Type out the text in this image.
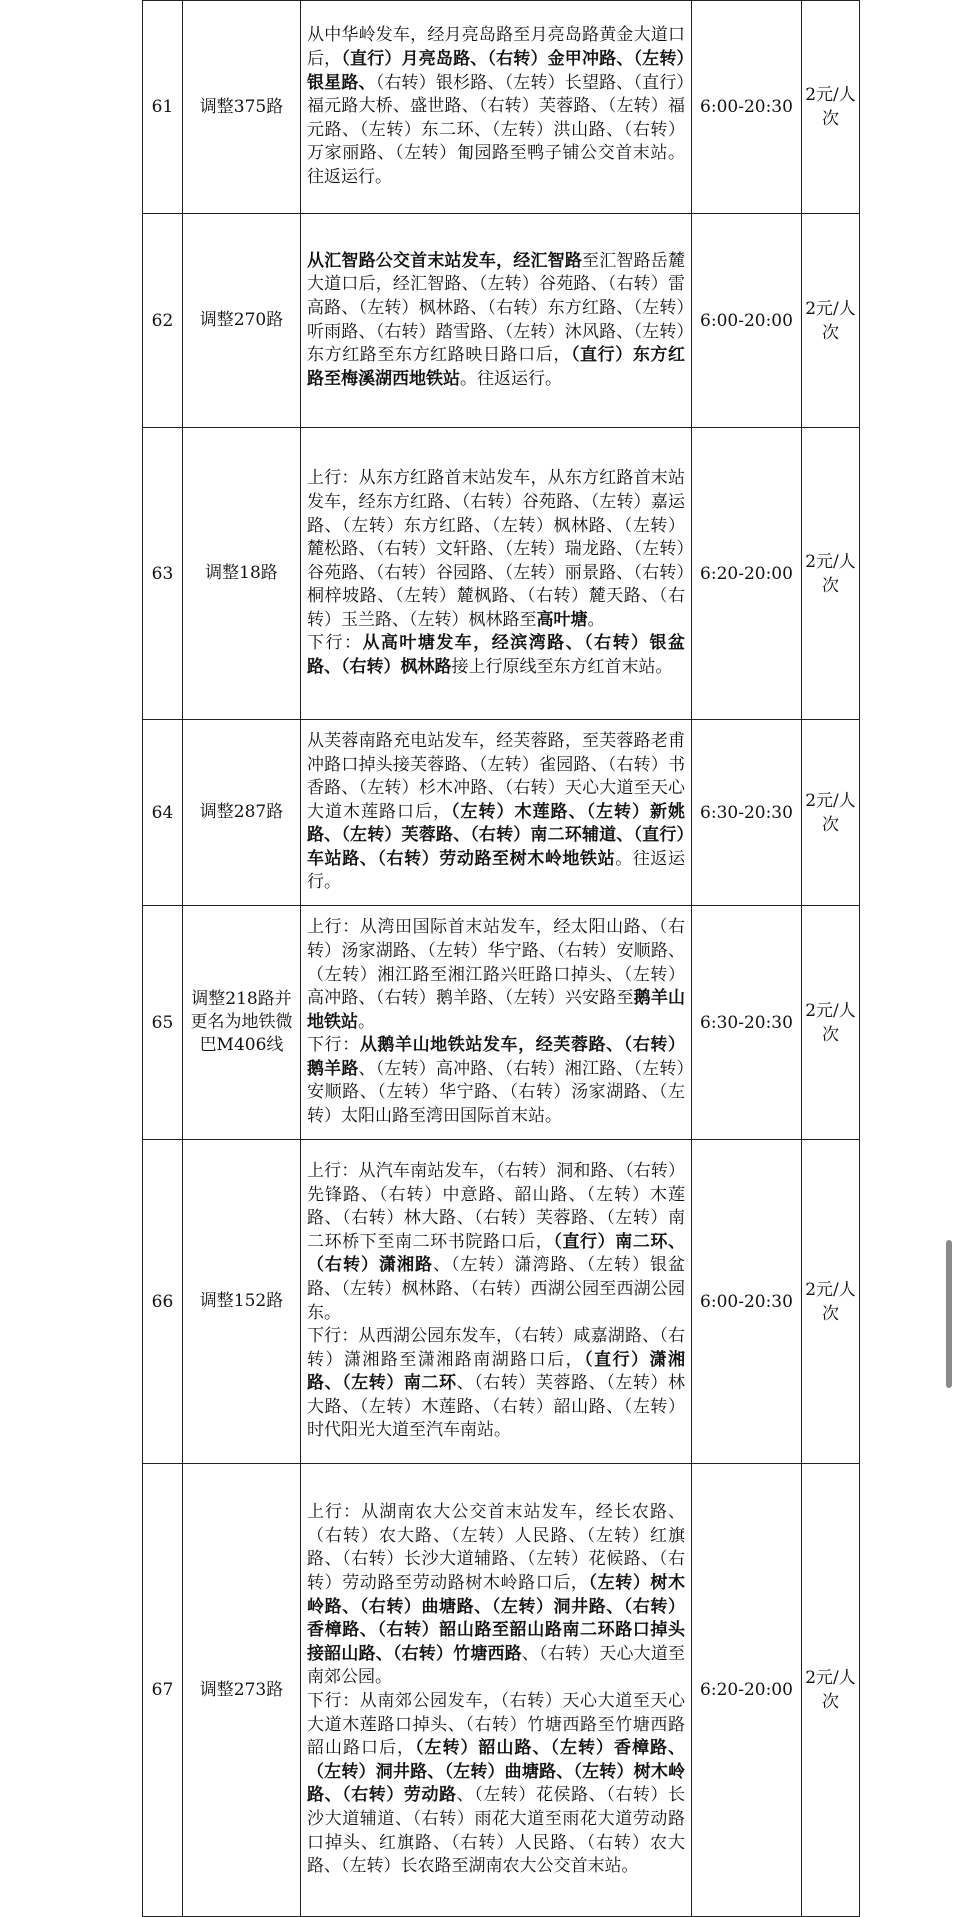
61	调整375路	从中华岭发车，经月亮岛路至月亮岛路黄金大道口后，（直行）月亮岛路、（右转）金甲冲路、（左转）银星路、（右转）银杉路、（左转）长望路、（直行）福元路大桥、盛世路、（右转）芙蓉路、（左转）福元路、（左转）东二环、（左转）洪山路、（右转）万家丽路、（左转）匍园路至鸭子铺公交首末站。往返运行。	6:00-20:30	2元/人次
62	调整270路	从汇智路公交首末站发车，经汇智路至汇智路岳麓大道口后，经汇智路、（左转）谷苑路、（右转）雷高路、（左转）枫林路、（右转）东方红路、（左转）听雨路、（右转）踏雪路、（左转）沐风路、（左转）东方红路至东方红路映日路口后，（直行）东方红路至梅溪湖西地铁站。往返运行。	6:00-20:00	2元/人次
63	调整18路	上行：从东方红路首末站发车，从东方红路首末站发车，经东方红路、（右转）谷苑路、（左转）嘉运路、（左转）东方红路、（左转）枫林路、（左转）麓松路、（右转）文轩路、（左转）瑞龙路、（左转）谷苑路、（右转）谷园路、（左转）丽景路、（右转）桐梓坡路、（左转）麓枫路、（右转）麓天路、（右转）玉兰路、（左转）枫林路至高叶塘。
下行：从高叶塘发车，经滨湾路、（右转）银盆路、（右转）枫林路接上行原线至东方红首末站。	6:20-20:00	2元/人次
64	调整287路	从芙蓉南路充电站发车，经芙蓉路，至芙蓉路老甫冲路口掉头接芙蓉路、（左转）雀园路、（右转）书香路、（左转）杉木冲路、（右转）天心大道至天心大道木莲路口后，（左转）木莲路、（左转）新姚路、（左转）芙蓉路、（右转）南二环辅道、（直行）车站路、（右转）劳动路至树木岭地铁站。往返运行。	6:30-20:30	2元/人次
65	调整218路并更名为地铁微巴M406线	上行：从湾田国际首末站发车，经太阳山路、（右转）汤家湖路、（左转）华宁路、（右转）安顺路、（左转）湘江路至湘江路兴旺路口掉头、（左转）高冲路、（右转）鹅羊路、（左转）兴安路至鹅羊山地铁站。
下行：从鹅羊山地铁站发车，经芙蓉路、（右转）鹅羊路、（左转）高冲路、（右转）湘江路、（左转）安顺路、（左转）华宁路、（右转）汤家湖路、（左转）太阳山路至湾田国际首末站。	6:30-20:30	2元/人次
66	调整152路	上行：从汽车南站发车，（右转）洞和路、（右转）先锋路、（右转）中意路、韶山路、（左转）木莲路、（右转）林大路、（右转）芙蓉路、（左转）南二环桥下至南二环书院路口后，（直行）南二环、（右转）潇湘路、（左转）潇湾路、（左转）银盆路、（左转）枫林路、（右转）西湖公园至西湖公园东。
下行：从西湖公园东发车，（右转）咸嘉湖路、（右转）潇湘路至潇湘路南湖路口后，（直行）潇湘路、（左转）南二环、（右转）芙蓉路、（左转）林大路、（左转）木莲路、（右转）韶山路、（左转）时代阳光大道至汽车南站。	6:00-20:30	2元/人次
67	调整273路	上行：从湖南农大公交首末站发车，经长农路、（右转）农大路、（左转）人民路、（左转）红旗路、（右转）长沙大道辅路、（左转）花候路、（右转）劳动路至劳动路树木岭路口后，（左转）树木岭路、（右转）曲塘路、（左转）洞井路、（右转）香樟路、（右转）韶山路至韶山路南二环路口掉头接韶山路、（右转）竹塘西路、（右转）天心大道至南郊公园。
下行：从南郊公园发车，（右转）天心大道至天心大道木莲路口掉头、（右转）竹塘西路至竹塘西路韶山路口后，（左转）韶山路、（左转）香樟路、（左转）洞井路、（左转）曲塘路、（左转）树木岭路、（右转）劳动路、（左转）花侯路、（右转）长沙大道辅道、（右转）雨花大道至雨花大道劳动路口掉头、红旗路、（右转）人民路、（右转）农大路、（左转）长农路至湖南农大公交首末站。	6:20-20:00	2元/人次
